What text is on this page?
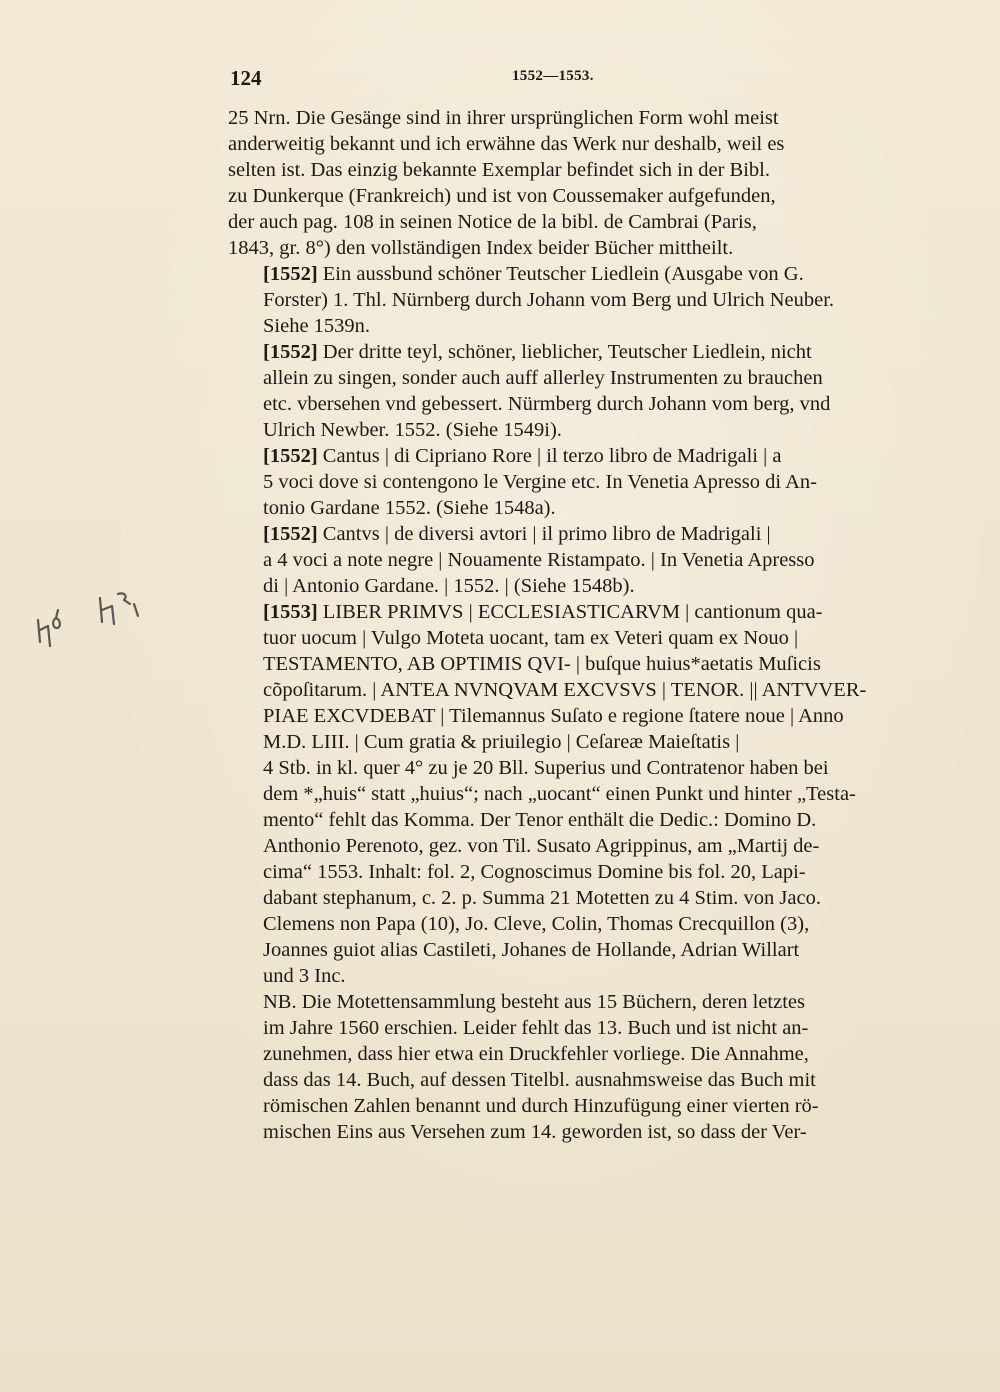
124	1552—1553.

25 Nrn. Die Gesänge sind in ihrer ursprünglichen Form wohl meist
anderweitig bekannt und ich erwähne das Werk nur deshalb, weil es
selten ist. Das einzig bekannte Exemplar befindet sich in der Bibl.
zu Dunkerque (Frankreich) und ist von Coussemaker aufgefunden,
der auch pag. 108 in seinen Notice de la bibl. de Cambrai (Paris,
1843, gr. 8°) den vollständigen Index beider Bücher mittheilt.

[1552] Ein aussbund schöner Teutscher Liedlein (Ausgabe von G.
Forster) 1. Thl. Nürnberg durch Johann vom Berg und Ulrich Neuber.
Siehe 1539n.

[1552] Der dritte teyl, schöner, lieblicher, Teutscher Liedlein, nicht
allein zu singen, sonder auch auff allerley Instrumenten zu brauchen
etc. vbersehen vnd gebessert. Nürmberg durch Johann vom berg, vnd
Ulrich Newber. 1552. (Siehe 1549i).

[1552] Cantus | di Cipriano Rore | il terzo libro de Madrigali | a
5 voci dove si contengono le Vergine etc. In Venetia Apresso di An-
tonio Gardane 1552. (Siehe 1548a).

[1552] Cantvs | de diversi avtori | il primo libro de Madrigali |
a 4 voci a note negre | Nouamente Ristampato. | In Venetia Apresso
di | Antonio Gardane. | 1552. | (Siehe 1548b).

[1553] LIBER PRIMVS | ECCLESIASTICARVM | cantionum qua-
tuor uocum | Vulgo Moteta uocant, tam ex Veteri quam ex Nouo |
TESTAMENTO, AB OPTIMIS QVI- | buſque huius*aetatis Muſicis
cõpoſitarum. | ANTEA NVNQVAM EXCVSVS | TENOR. || ANTVVER-
PIAE EXCVDEBAT | Tilemannus Suſato e regione ſtatere noue | Anno
M.D. LIII. | Cum gratia & priuilegio | Ceſareæ Maieſtatis |

4 Stb. in kl. quer 4° zu je 20 Bll. Superius und Contratenor haben bei
dem *„huis“ statt „huius“; nach „uocant“ einen Punkt und hinter „Testa-
mento“ fehlt das Komma. Der Tenor enthält die Dedic.: Domino D.
Anthonio Perenoto, gez. von Til. Susato Agrippinus, am „Martij de-
cima“ 1553. Inhalt: fol. 2, Cognoscimus Domine bis fol. 20, Lapi-
dabant stephanum, c. 2. p. Summa 21 Motetten zu 4 Stim. von Jaco.
Clemens non Papa (10), Jo. Cleve, Colin, Thomas Crecquillon (3),
Joannes guiot alias Castileti, Johanes de Hollande, Adrian Willart
und 3 Inc.

NB. Die Motettensammlung besteht aus 15 Büchern, deren letztes
im Jahre 1560 erschien. Leider fehlt das 13. Buch und ist nicht an-
zunehmen, dass hier etwa ein Druckfehler vorliege. Die Annahme,
dass das 14. Buch, auf dessen Titelbl. ausnahmsweise das Buch mit
römischen Zahlen benannt und durch Hinzufügung einer vierten rö-
mischen Eins aus Versehen zum 14. geworden ist, so dass der Ver-
